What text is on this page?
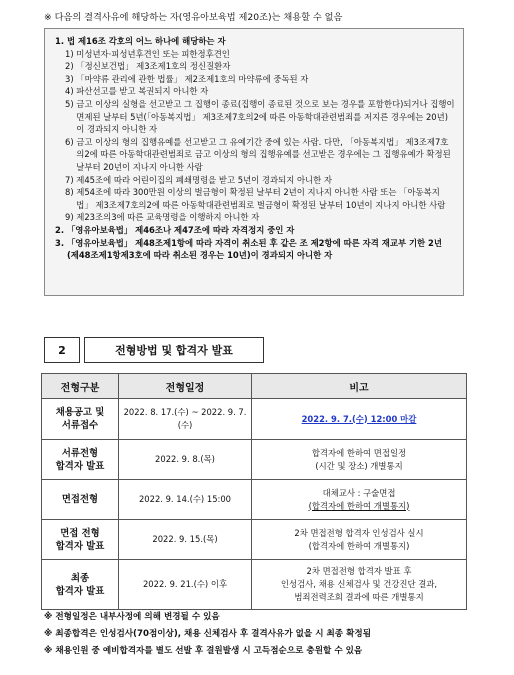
※ 다음의 결격사유에 해당하는 자(영유아보육법 제20조)는 채용할 수 없음
1. 법 제16조 각호의 어느 하나에 해당하는 자
1) 미성년자·피성년후견인 또는 피한정후견인
2) 「정신보건법」 제3조제1호의 정신질환자
3) 「마약류 관리에 관한 법률」 제2조제1호의 마약류에 중독된 자
4) 파산선고를 받고 복권되지 아니한 자
5) 금고 이상의 실형을 선고받고 그 집행이 종료(집행이 종료된 것으로 보는 경우를 포함한다)되거나 집행이 면제된 날부터 5년(「아동복지법」 제3조제7호의2에 따른 아동학대관련범죄를 저지른 경우에는 20년)이 경과되지 아니한 자
6) 금고 이상의 형의 집행유예를 선고받고 그 유예기간 중에 있는 사람. 다만, 「아동복지법」 제3조제7호의2에 따른 아동학대관련범죄로 금고 이상의 형의 집행유예를 선고받은 경우에는 그 집행유예가 확정된 날부터 20년이 지나지 아니한 사람
7) 제45조에 따라 어린이집의 폐쇄명령을 받고 5년이 경과되지 아니한 자
8) 제54조에 따라 300만원 이상의 벌금형이 확정된 날부터 2년이 지나지 아니한 사람 또는 「아동복지법」 제3조제7호의2에 따른 아동학대관련범죄로 벌금형이 확정된 날부터 10년이 지나지 아니한 사람
9) 제23조의3에 따른 교육명령을 이행하지 아니한 자
2. 「영유아보육법」 제46조나 제47조에 따라 자격정지 중인 자
3. 「영유아보육법」 제48조제1항에 따라 자격이 취소된 후 같은 조 제2항에 따른 자격 재교부 기한 2년 (제48조제1항제3호에 따라 취소된 경우는 10년)이 경과되지 아니한 자
2	전형방법 및 합격자 발표
전형구분	전형일정	비고
채용공고 및
서류접수	2022. 8. 17.(수) ~ 2022. 9. 7.(수)	2022. 9. 7.(수) 12:00 마감
서류전형
합격자 발표	2022. 9. 8.(목)	합격자에 한하여 면접일정
(시간 및 장소) 개별통지
면접전형	2022. 9. 14.(수) 15:00	대체교사 : 구술면접
(합격자에 한하여 개별통지)
면접 전형
합격자 발표	2022. 9. 15.(목)	2차 면접전형 합격자 인성검사 실시
(합격자에 한하여 개별통지)
최종
합격자 발표	2022. 9. 21.(수) 이후	2차 면접전형 합격자 발표 후
인성검사, 채용 신체검사 및 건강진단 결과,
범죄전력조회 결과에 따른 개별통지
※ 전형일정은 내부사정에 의해 변경될 수 있음
※ 최종합격은 인성검사(70점이상), 채용 신체검사 후 결격사유가 없을 시 최종 확정됨
※ 채용인원 중 예비합격자를 별도 선발 후 결원발생 시 고득점순으로 충원할 수 있음
